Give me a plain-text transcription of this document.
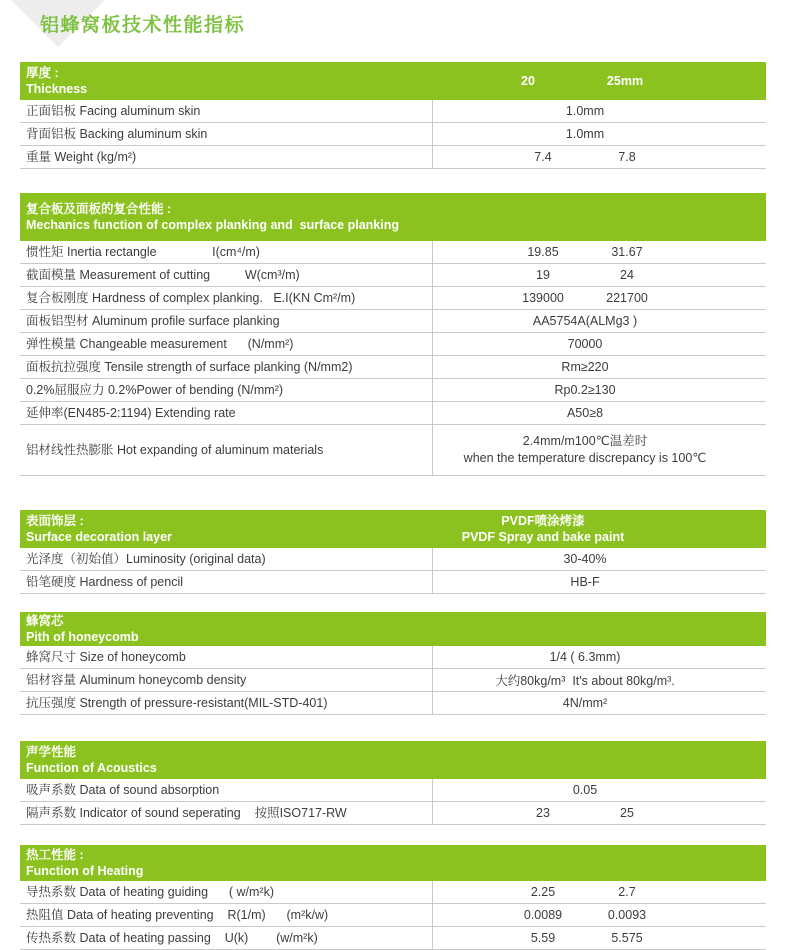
铝蜂窝板技术性能指标
厚度 :
Thickness
20	25mm
正面铝板 Facing aluminum skin	1.0mm
背面铝板 Backing aluminum skin	1.0mm
重量 Weight (kg/m²)	7.4	7.8
复合板及面板的复合性能 :
Mechanics function of complex planking and  surface planking
惯性矩 Inertia rectangle                I(cm⁴/m)	19.85	31.67
截面模量 Measurement of cutting          W(cm³/m)	19	24
复合板刚度 Hardness of complex planking.   E.I(KN Cm²/m)	139000	221700
面板铝型材 Aluminum profile surface planking	AA5754A(ALMg3 )
弹性模量 Changeable measurement      (N/mm²)	70000
面板抗拉强度 Tensile strength of surface planking (N/mm2)	Rm≥220
0.2%屈服应力 0.2%Power of bending (N/mm²)	Rp0.2≥130
延伸率(EN485-2:1194) Extending rate	A50≥8
铝材线性热膨胀 Hot expanding of aluminum materials
2.4mm/m100℃温差时
when the temperature discrepancy is 100℃
表面饰层 :
Surface decoration layer
PVDF喷涂烤漆
PVDF Spray and bake paint
光泽度（初始值）Luminosity (original data)	30-40%
铅笔硬度 Hardness of pencil	HB-F
蜂窝芯
Pith of honeycomb
蜂窝尺寸 Size of honeycomb	1/4 ( 6.3mm)
铝材容量 Aluminum honeycomb density	大约80kg/m³  It's about 80kg/m³.
抗压强度 Strength of pressure-resistant(MIL-STD-401)	4N/mm²
声学性能
Function of Acoustics
吸声系数 Data of sound absorption	0.05
隔声系数 Indicator of sound seperating    按照ISO717-RW	23	25
热工性能 :
Function of Heating
导热系数 Data of heating guiding      ( w/m²k)	2.25	2.7
热阻值 Data of heating preventing    R(1/m)      (m²k/w)	0.0089	0.0093
传热系数 Data of heating passing    U(k)        (w/m²k)	5.59	5.575
